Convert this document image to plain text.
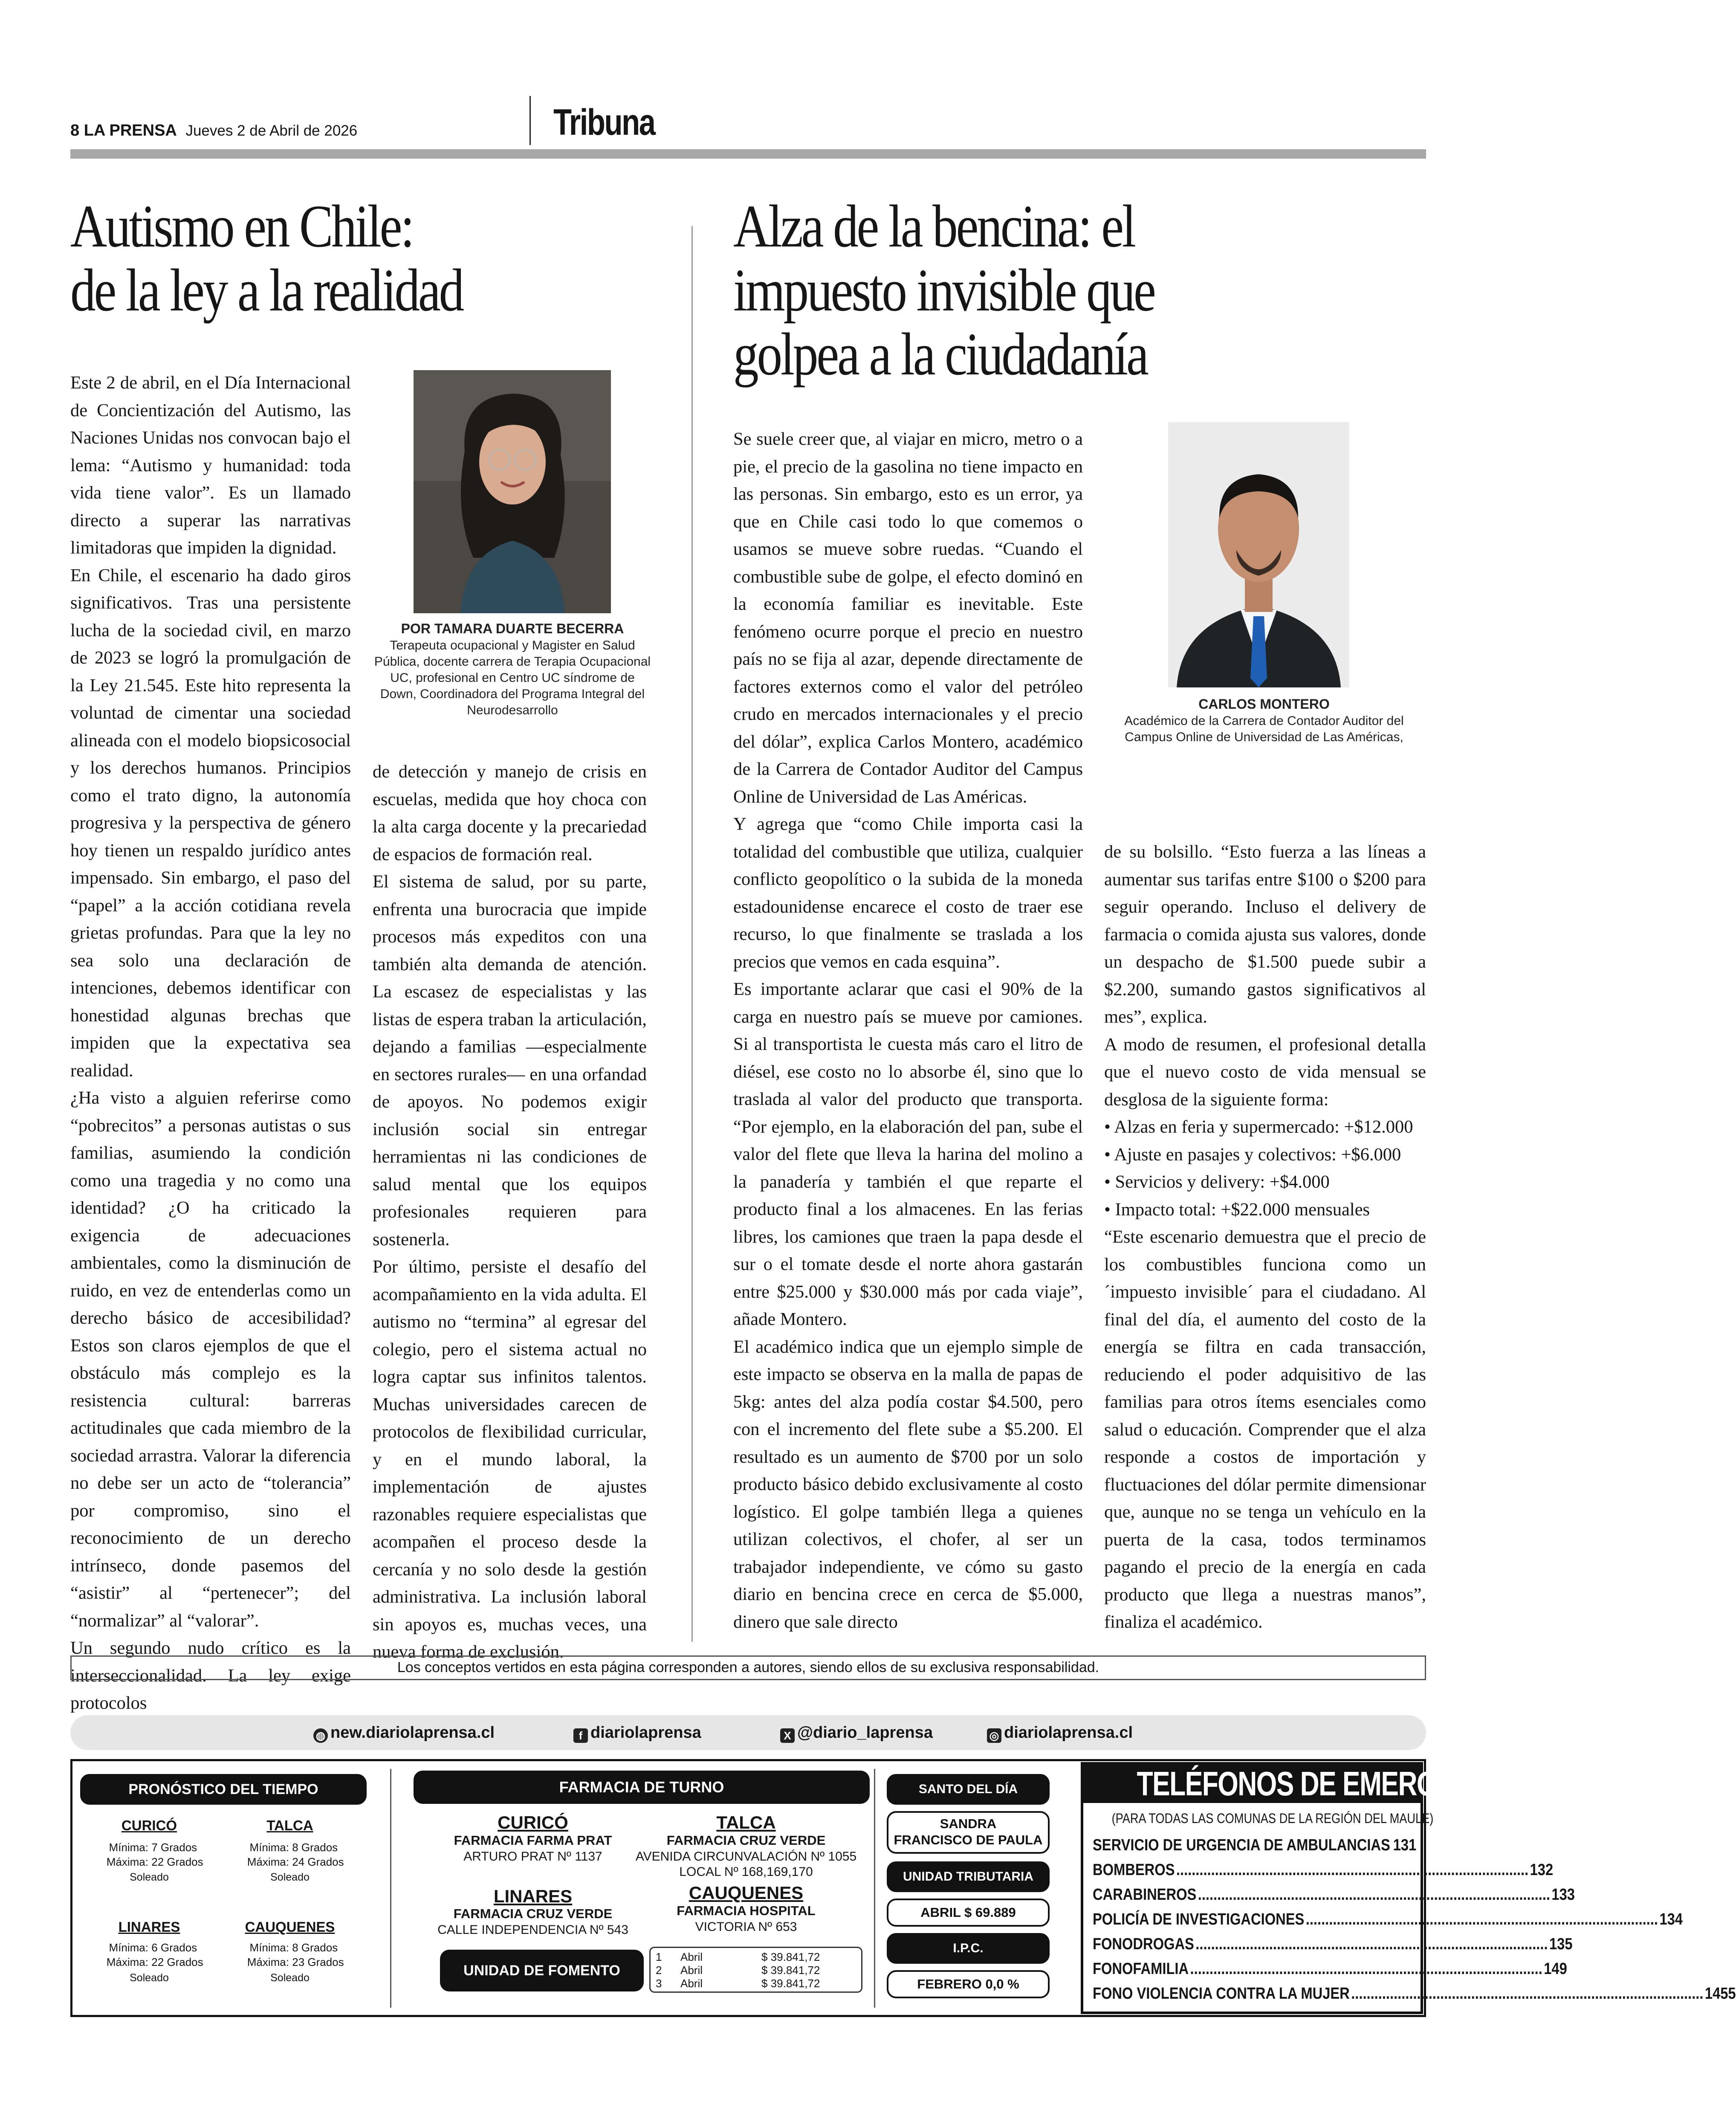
8 LA PRENSA Jueves 2 de Abril de 2026	Tribuna
Autismo en Chile:
de la ley a la realidad
POR TAMARA DUARTE BECERRA
Terapeuta ocupacional y Magister en Salud Pública, docente carrera de Terapia Ocupacional UC, profesional en Centro UC síndrome de Down, Coordinadora del Programa Integral del Neurodesarrollo

Este 2 de abril, en el Día Internacional de Concientización del Autismo, las Naciones Unidas nos convocan bajo el lema: “Autismo y humanidad: toda vida tiene valor”. Es un llamado directo a superar las narrativas limitadoras que impiden la dignidad.

En Chile, el escenario ha dado giros significativos. Tras una persistente lucha de la sociedad civil, en marzo de 2023 se logró la promulgación de la Ley 21.545. Este hito representa la voluntad de cimentar una sociedad alineada con el modelo biopsicosocial y los derechos humanos. Principios como el trato digno, la autonomía progresiva y la perspectiva de género hoy tienen un respaldo jurídico antes impensado. Sin embargo, el paso del “papel” a la acción cotidiana revela grietas profundas. Para que la ley no sea solo una declaración de intenciones, debemos identificar con honestidad algunas brechas que impiden que la expectativa sea realidad.

¿Ha visto a alguien referirse como “pobrecitos” a personas autistas o sus familias, asumiendo la condición como una tragedia y no como una identidad? ¿O ha criticado la exigencia de adecuaciones ambientales, como la disminución de ruido, en vez de entenderlas como un derecho básico de accesibilidad? Estos son claros ejemplos de que el obstáculo más complejo es la resistencia cultural: barreras actitudinales que cada miembro de la sociedad arrastra. Valorar la diferencia no debe ser un acto de “tolerancia” por compromiso, sino el reconocimiento de un derecho intrínseco, donde pasemos del “asistir” al “pertenecer”; del “normalizar” al “valorar”.

Un segundo nudo crítico es la interseccionalidad. La ley exige protocolos

de detección y manejo de crisis en escuelas, medida que hoy choca con la alta carga docente y la precariedad de espacios de formación real.

El sistema de salud, por su parte, enfrenta una burocracia que impide procesos más expeditos con una también alta demanda de atención. La escasez de especialistas y las listas de espera traban la articulación, dejando a familias —especialmente en sectores rurales— en una orfandad de apoyos. No podemos exigir inclusión social sin entregar herramientas ni las condiciones de salud mental que los equipos profesionales requieren para sostenerla.

Por último, persiste el desafío del acompañamiento en la vida adulta. El autismo no “termina” al egresar del colegio, pero el sistema actual no logra captar sus infinitos talentos. Muchas universidades carecen de protocolos de flexibilidad curricular, y en el mundo laboral, la implementación de ajustes razonables requiere especialistas que acompañen el proceso desde la cercanía y no solo desde la gestión administrativa. La inclusión laboral sin apoyos es, muchas veces, una nueva forma de exclusión.

Alza de la bencina: el
impuesto invisible que
golpea a la ciudadanía

Se suele creer que, al viajar en micro, metro o a pie, el precio de la gasolina no tiene impacto en las personas. Sin embargo, esto es un error, ya que en Chile casi todo lo que comemos o usamos se mueve sobre ruedas. “Cuando el combustible sube de golpe, el efecto dominó en la economía familiar es inevitable. Este fenómeno ocurre porque el precio en nuestro país no se fija al azar, depende directamente de factores externos como el valor del petróleo crudo en mercados internacionales y el precio del dólar”, explica Carlos Montero, académico de la Carrera de Contador Auditor del Campus Online de Universidad de Las Américas.

Y agrega que “como Chile importa casi la totalidad del combustible que utiliza, cualquier conflicto geopolítico o la subida de la moneda estadounidense encarece el costo de traer ese recurso, lo que finalmente se traslada a los precios que vemos en cada esquina”.

Es importante aclarar que casi el 90% de la carga en nuestro país se mueve por camiones. Si al transportista le cuesta más caro el litro de diésel, ese costo no lo absorbe él, sino que lo traslada al valor del producto que transporta. “Por ejemplo, en la elaboración del pan, sube el valor del flete que lleva la harina del molino a la panadería y también el que reparte el producto final a los almacenes. En las ferias libres, los camiones que traen la papa desde el sur o el tomate desde el norte ahora gastarán entre $25.000 y $30.000 más por cada viaje”, añade Montero.

El académico indica que un ejemplo simple de este impacto se observa en la malla de papas de 5kg: antes del alza podía costar $4.500, pero con el incremento del flete sube a $5.200. El resultado es un aumento de $700 por un solo producto básico debido exclusivamente al costo logístico. El golpe también llega a quienes utilizan colectivos, el chofer, al ser un trabajador independiente, ve cómo su gasto diario en bencina crece en cerca de $5.000, dinero que sale directo

CARLOS MONTERO
Académico de la Carrera de Contador Auditor del Campus Online de Universidad de Las Américas,

de su bolsillo. “Esto fuerza a las líneas a aumentar sus tarifas entre $100 o $200 para seguir operando. Incluso el delivery de farmacia o comida ajusta sus valores, donde un despacho de $1.500 puede subir a $2.200, sumando gastos significativos al mes”, explica.

A modo de resumen, el profesional detalla que el nuevo costo de vida mensual se desglosa de la siguiente forma:

• Alzas en feria y supermercado: +$12.000

• Ajuste en pasajes y colectivos: +$6.000

• Servicios y delivery: +$4.000

• Impacto total: +$22.000 mensuales

“Este escenario demuestra que el precio de los combustibles funciona como un ´impuesto invisible´ para el ciudadano. Al final del día, el aumento del costo de la energía se filtra en cada transacción, reduciendo el poder adquisitivo de las familias para otros ítems esenciales como salud o educación. Comprender que el alza responde a costos de importación y fluctuaciones del dólar permite dimensionar que, aunque no se tenga un vehículo en la puerta de la casa, todos terminamos pagando el precio de la energía en cada producto que llega a nuestras manos”, finaliza el académico.

Los conceptos vertidos en esta página corresponden a autores, siendo ellos de su exclusiva responsabilidad.
◍ new.diariolaprensa.cl	f diariolaprensa	X @diario_laprensa	◎ diariolaprensa.cl
PRONÓSTICO DEL TIEMPO
CURICÓ
Mínima: 7 Grados
Máxima: 22 Grados
Soleado
TALCA
Mínima: 8 Grados
Máxima: 24 Grados
Soleado
LINARES
Mínima: 6 Grados
Máxima: 22 Grados
Soleado
CAUQUENES
Mínima: 8 Grados
Máxima: 23 Grados
Soleado
FARMACIA DE TURNO
CURICÓ
FARMACIA FARMA PRAT
ARTURO PRAT Nº 1137
TALCA
FARMACIA CRUZ VERDE
AVENIDA CIRCUNVALACIÓN Nº 1055
LOCAL Nº 168,169,170
LINARES
FARMACIA CRUZ VERDE
CALLE INDEPENDENCIA Nº 543
CAUQUENES
FARMACIA HOSPITAL
VICTORIA Nº 653
UNIDAD DE FOMENTO
SANTO DEL DÍA
SANDRA
FRANCISCO DE PAULA
UNIDAD TRIBUTARIA
ABRIL $ 69.889
I.P.C.
FEBRERO 0,0 %
1	Abril	$ 39.841,72
2	Abril	$ 39.841,72
3	Abril	$ 39.841,72
TELÉFONOS DE EMERGENCIA
(PARA TODAS LAS COMUNAS DE LA REGIÓN DEL MAULE)
SERVICIO DE URGENCIA DE AMBULANCIAS 131
BOMBEROS ........................................................................................... 132
CARABINEROS ........................................................................................... 133
POLICÍA DE INVESTIGACIONES ........................................................................................... 134
FONODROGAS ........................................................................................... 135
FONOFAMILIA ........................................................................................... 149
FONO VIOLENCIA CONTRA LA MUJER ........................................................................................... 1455
